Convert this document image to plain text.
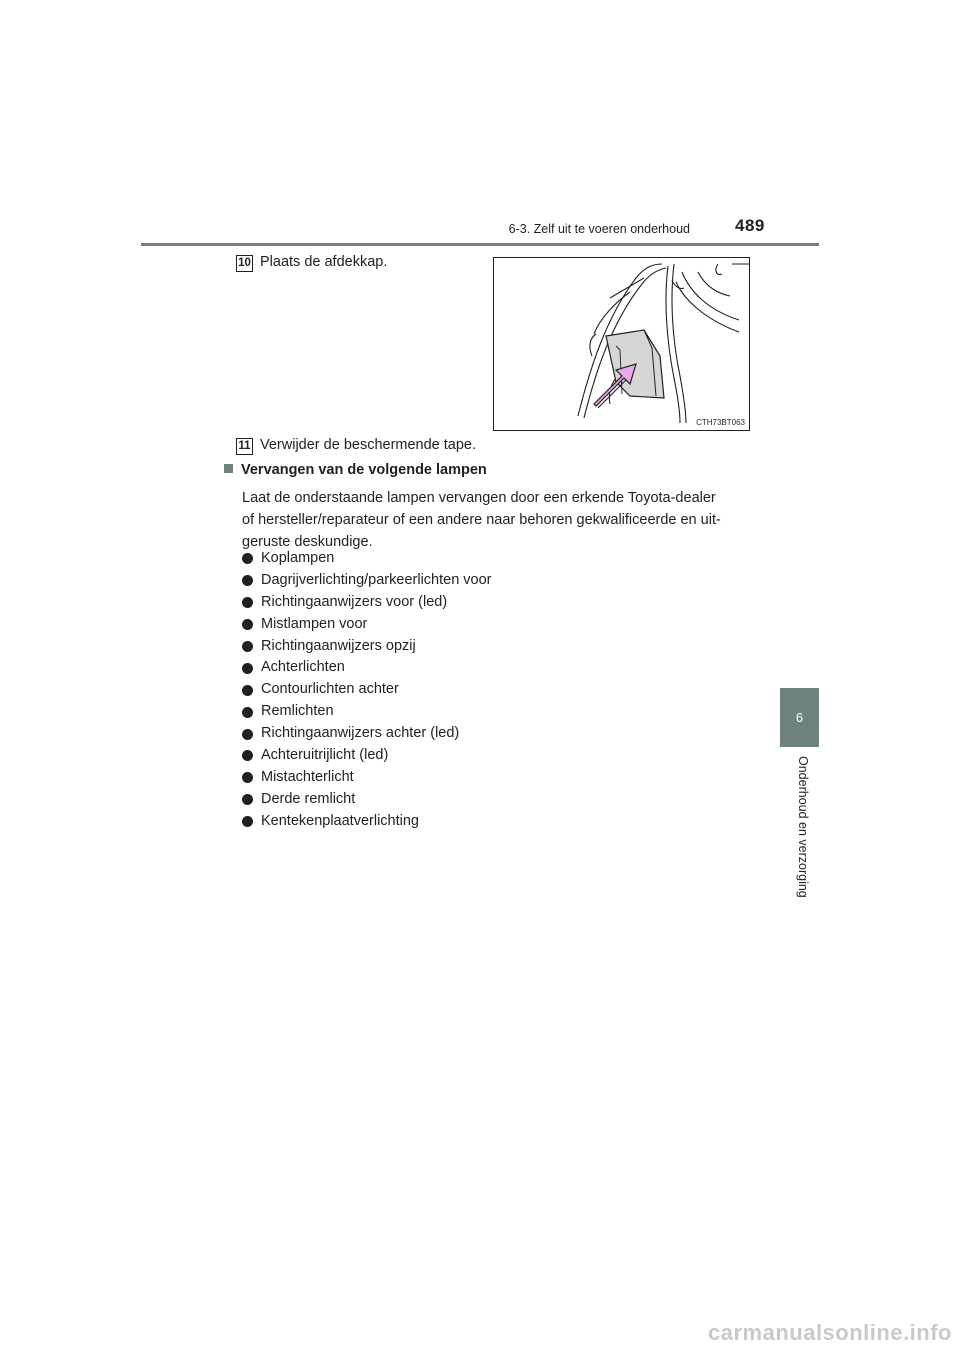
6-3. Zelf uit te voeren onderhoud	489
6
Onderhoud en verzorging
10 Plaats de afdekkap.
CTH73BT063
11 Verwijder de beschermende tape.
Vervangen van de volgende lampen
Laat de onderstaande lampen vervangen door een erkende Toyota-dealer
of hersteller/reparateur of een andere naar behoren gekwalificeerde en uit-
geruste deskundige.
Koplampen
Dagrijverlichting/parkeerlichten voor
Richtingaanwijzers voor (led)
Mistlampen voor
Richtingaanwijzers opzij
Achterlichten
Contourlichten achter
Remlichten
Richtingaanwijzers achter (led)
Achteruitrijlicht (led)
Mistachterlicht
Derde remlicht
Kentekenplaatverlichting
carmanualsonline.info
